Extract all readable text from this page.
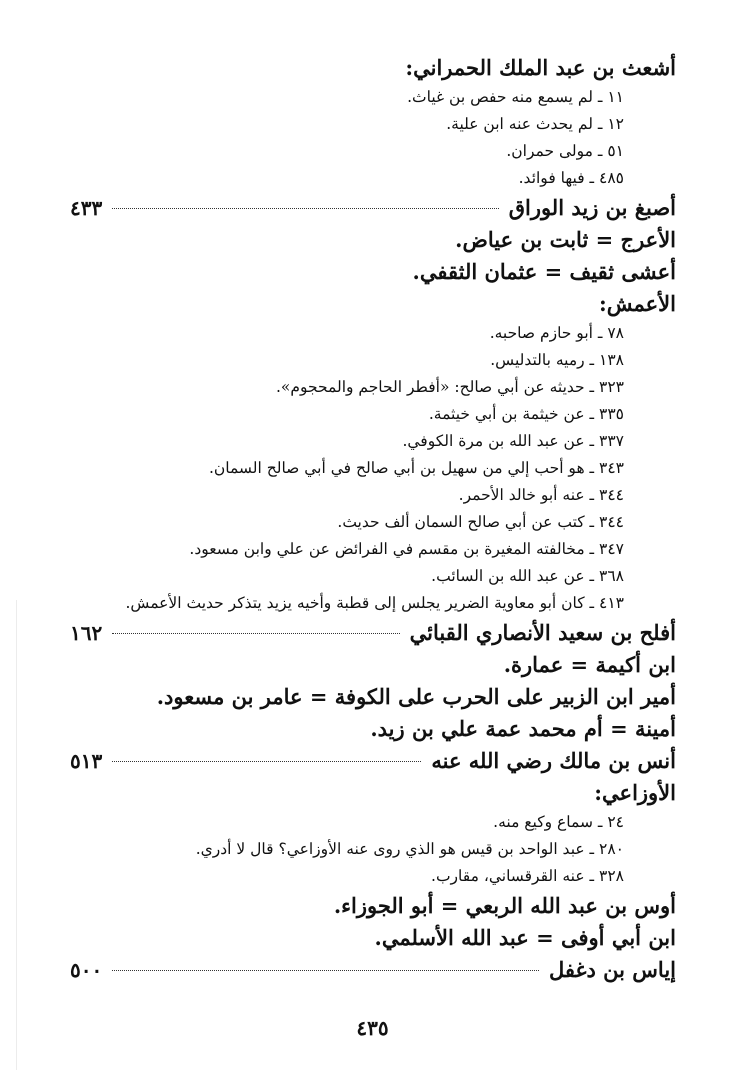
أشعث بن عبد الملك الحمراني:
١١ ـ لم يسمع منه حفص بن غياث.
١٢ ـ لم يحدث عنه ابن علية.
٥١ ـ مولى حمران.
٤٨٥ ـ فيها فوائد.
أصبغ بن زيد الوراق
٤٣٣
الأعرج = ثابت بن عياض.
أعشى ثقيف = عثمان الثقفي.
الأعمش:
٧٨ ـ أبو حازم صاحبه.
١٣٨ ـ رميه بالتدليس.
٣٢٣ ـ حديثه عن أبي صالح: «أفطر الحاجم والمحجوم».
٣٣٥ ـ عن خيثمة بن أبي خيثمة.
٣٣٧ ـ عن عبد الله بن مرة الكوفي.
٣٤٣ ـ هو أحب إلي من سهيل بن أبي صالح في أبي صالح السمان.
٣٤٤ ـ عنه أبو خالد الأحمر.
٣٤٤ ـ كتب عن أبي صالح السمان ألف حديث.
٣٤٧ ـ مخالفته المغيرة بن مقسم في الفرائض عن علي وابن مسعود.
٣٦٨ ـ عن عبد الله بن السائب.
٤١٣ ـ كان أبو معاوية الضرير يجلس إلى قطبة وأخيه يزيد يتذكر حديث الأعمش.
أفلح بن سعيد الأنصاري القبائي
١٦٢
ابن أكيمة = عمارة.
أمير ابن الزبير على الحرب على الكوفة = عامر بن مسعود.
أمينة = أم محمد عمة علي بن زيد.
أنس بن مالك رضي الله عنه
٥١٣
الأوزاعي:
٢٤ ـ سماع وكيع منه.
٢٨٠ ـ عبد الواحد بن قيس هو الذي روى عنه الأوزاعي؟ قال لا أدري.
٣٢٨ ـ عنه القرقساني، مقارب.
أوس بن عبد الله الربعي = أبو الجوزاء.
ابن أبي أوفى = عبد الله الأسلمي.
إياس بن دغفل
٥٠٠
٤٣٥
